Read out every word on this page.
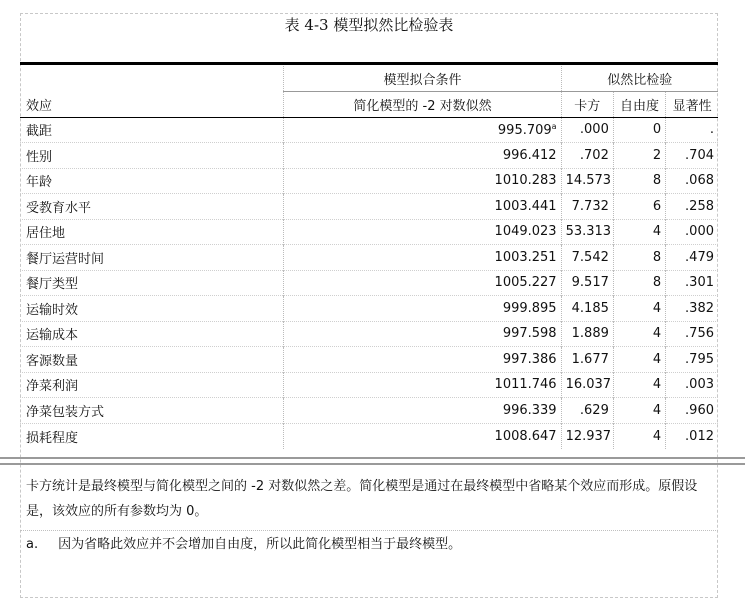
表 4-3 模型拟然比检验表
	模型拟合条件	似然比检验		
效应	简化模型的 -2 对数似然	卡方	自由度	显著性
截距	995.709$^a$	.000	0	.
性别	996.412	.702	2	.704
年龄	1010.283	14.573	8	.068
受教育水平	1003.441	7.732	6	.258
居住地	1049.023	53.313	4	.000
餐厅运营时间	1003.251	7.542	8	.479
餐厅类型	1005.227	9.517	8	.301
运输时效	999.895	4.185	4	.382
运输成本	997.598	1.889	4	.756
客源数量	997.386	1.677	4	.795
净菜利润	1011.746	16.037	4	.003
净菜包装方式	996.339	.629	4	.960
损耗程度	1008.647	12.937	4	.012
卡方统计是最终模型与简化模型之间的 -2 对数似然之差。简化模型是通过在最终模型中省略某个效应而形成。原假设是，该效应的所有参数均为 0。
a. 因为省略此效应并不会增加自由度，所以此简化模型相当于最终模型。
